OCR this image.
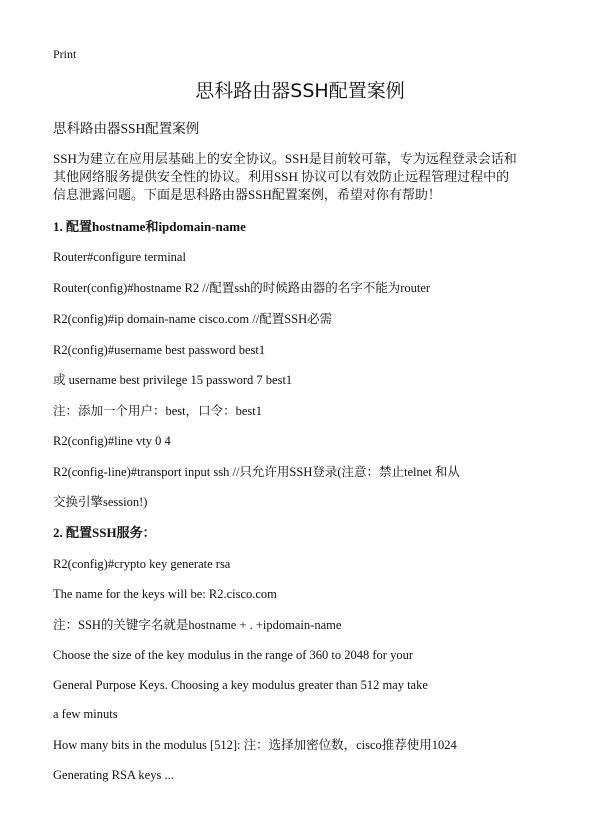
Print
思科路由器SSH配置案例
思科路由器SSH配置案例
SSH为建立在应用层基础上的安全协议。SSH是目前较可靠，专为远程登录会话和
其他网络服务提供安全性的协议。利用SSH 协议可以有效防止远程管理过程中的
信息泄露问题。下面是思科路由器SSH配置案例，希望对你有帮助！
1. 配置hostname和ipdomain-name
Router#configure terminal
Router(config)#hostname R2 //配置ssh的时候路由器的名字不能为router
R2(config)#ip domain-name cisco.com //配置SSH必需
R2(config)#username best password best1
或 username best privilege 15 password 7 best1
注：添加一个用户：best，口令：best1
R2(config)#line vty 0 4
R2(config-line)#transport input ssh //只允许用SSH登录(注意：禁止telnet 和从
交换引擎session!)
2. 配置SSH服务：
R2(config)#crypto key generate rsa
The name for the keys will be: R2.cisco.com
注：SSH的关键字名就是hostname + . +ipdomain-name
Choose the size of the key modulus in the range of 360 to 2048 for your
General Purpose Keys. Choosing a key modulus greater than 512 may take
a few minuts
How many bits in the modulus [512]: 注：选择加密位数，cisco推荐使用1024
Generating RSA keys ...
